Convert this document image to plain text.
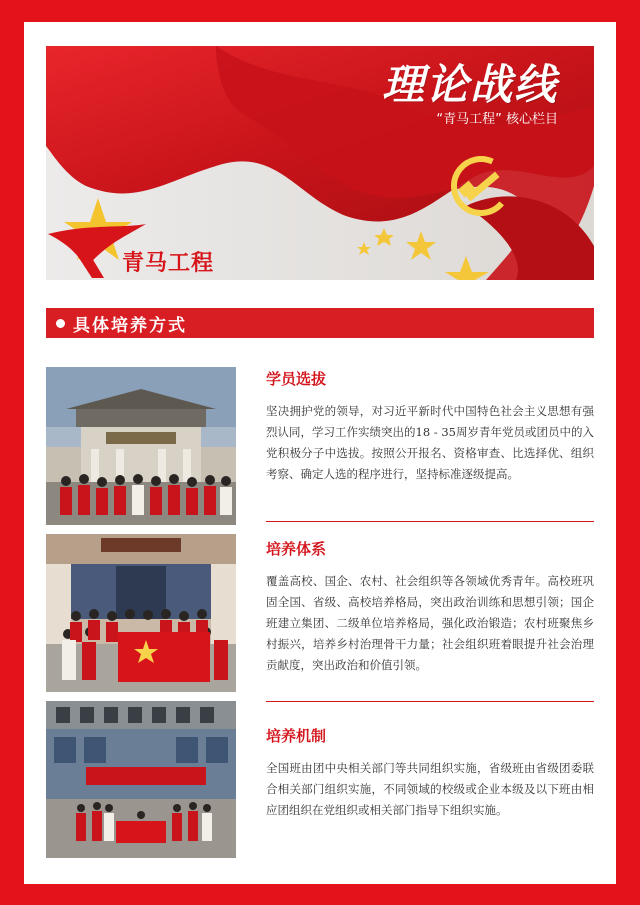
理论战线
“青马工程” 核心栏目
青马工程
具体培养方式
学员选拔

坚决拥护党的领导，对习近平新时代中国特色社会主义思想有强烈认同，学习工作实绩突出的18 - 35周岁青年党员或团员中的入党积极分子中选拔。按照公开报名、资格审查、比选择优、组织考察、确定人选的程序进行，坚持标准逐级提高。

培养体系

覆盖高校、国企、农村、社会组织等各领域优秀青年。高校班巩固全国、省级、高校培养格局，突出政治训练和思想引领；国企班建立集团、二级单位培养格局，强化政治锻造；农村班聚焦乡村振兴，培养乡村治理骨干力量；社会组织班着眼提升社会治理贡献度，突出政治和价值引领。

培养机制

全国班由团中央相关部门等共同组织实施，省级班由省级团委联合相关部门组织实施，不同领域的校级或企业本级及以下班由相应团组织在党组织或相关部门指导下组织实施。
